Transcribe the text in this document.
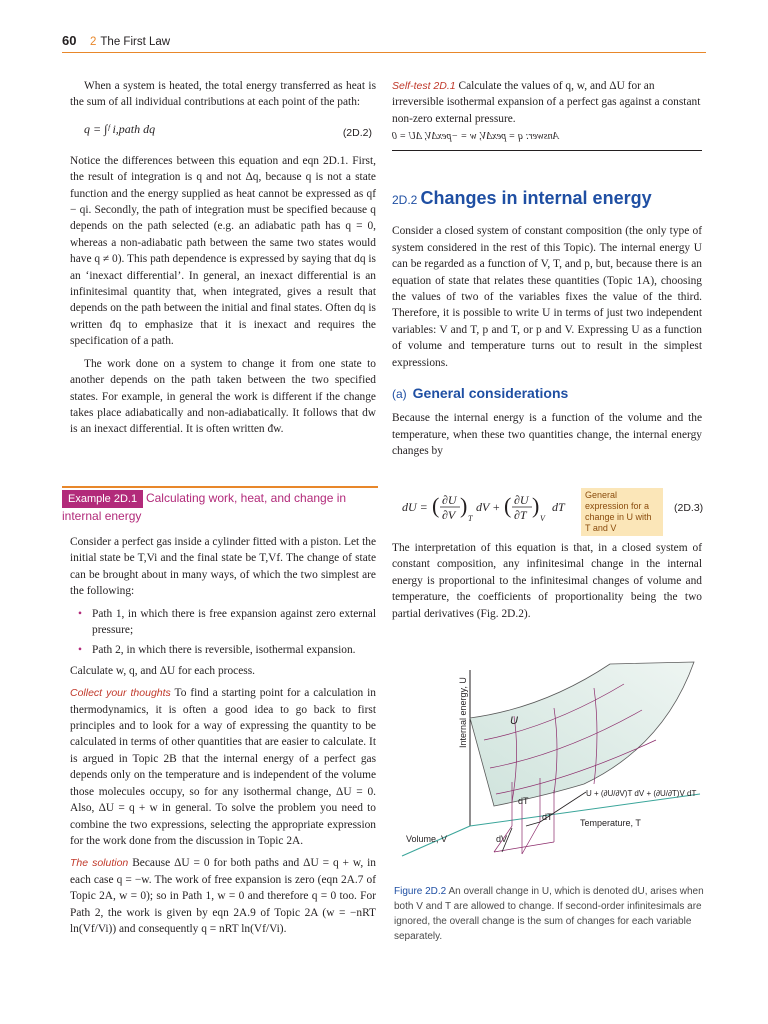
60 2 The First Law

When a system is heated, the total energy transferred as heat is the sum of all individual contributions at each point of the path:

q = ∫ᶠ i,path dq	(2D.2)

Notice the differences between this equation and eqn 2D.1. First, the result of integration is q and not Δq, because q is not a state function and the energy supplied as heat cannot be expressed as qf − qi. Secondly, the path of integration must be specified because q depends on the path selected (e.g. an adiabatic path has q = 0, whereas a non-adiabatic path between the same two states would have q ≠ 0). This path dependence is expressed by saying that dq is an ‘inexact differential’. In general, an inexact differential is an infinitesimal quantity that, when integrated, gives a result that depends on the path between the initial and final states. Often dq is written đq to emphasize that it is inexact and requires the specification of a path.

The work done on a system to change it from one state to another depends on the path taken between the two specified states. For example, in general the work is different if the change takes place adiabatically and non-adiabatically. It follows that dw is an inexact differential. It is often written đw.

Example 2D.1 Calculating work, heat, and change in internal energy

Consider a perfect gas inside a cylinder fitted with a piston. Let the initial state be T,Vi and the final state be T,Vf. The change of state can be brought about in many ways, of which the two simplest are the following:

• Path 1, in which there is free expansion against zero external pressure;
• Path 2, in which there is reversible, isothermal expansion.

Calculate w, q, and ΔU for each process.

Collect your thoughts To find a starting point for a calculation in thermodynamics, it is often a good idea to go back to first principles and to look for a way of expressing the quantity to be calculated in terms of other quantities that are easier to calculate. It is argued in Topic 2B that the internal energy of a perfect gas depends only on the temperature and is independent of the volume those molecules occupy, so for any isothermal change, ΔU = 0. Also, ΔU = q + w in general. To solve the problem you need to combine the two expressions, selecting the appropriate expression for the work done from the discussion in Topic 2A.

The solution Because ΔU = 0 for both paths and ΔU = q + w, in each case q = −w. The work of free expansion is zero (eqn 2A.7 of Topic 2A, w = 0); so in Path 1, w = 0 and therefore q = 0 too. For Path 2, the work is given by eqn 2A.9 of Topic 2A (w = −nRT ln(Vf/Vi)) and consequently q = nRT ln(Vf/Vi).

Self-test 2D.1 Calculate the values of q, w, and ΔU for an irreversible isothermal expansion of a perfect gas against a constant non-zero external pressure.

Answer: q = pexΔV, w = −pexΔV, ΔU = 0
2D.2 Changes in internal energy

Consider a closed system of constant composition (the only type of system considered in the rest of this Topic). The internal energy U can be regarded as a function of V, T, and p, but, because there is an equation of state that relates these quantities (Topic 1A), choosing the values of two of the variables fixes the value of the third. Therefore, it is possible to write U in terms of just two independent variables: V and T, p and T, or p and V. Expressing U as a function of volume and temperature turns out to result in the simplest expressions.

(a) General considerations

Because the internal energy is a function of the volume and the temperature, when these two quantities change, the internal energy changes by

dU = ( ∂U
∂V )
T
dV + ( ∂U
∂T )
V
dT
General expression for a change in U with T and V
(2D.3)

The interpretation of this equation is that, in a closed system of constant composition, any infinitesimal change in the internal energy is proportional to the infinitesimal changes of volume and temperature, the coefficients of proportionality being the two partial derivatives (Fig. 2D.2).

Internal energy, U
Volume, V
Temperature, T
U
dV
dT
dT
U + (∂U/∂V)T dV + (∂U/∂T)V dT
Figure 2D.2 An overall change in U, which is denoted dU, arises when both V and T are allowed to change. If second-order infinitesimals are ignored, the overall change is the sum of changes for each variable separately.
